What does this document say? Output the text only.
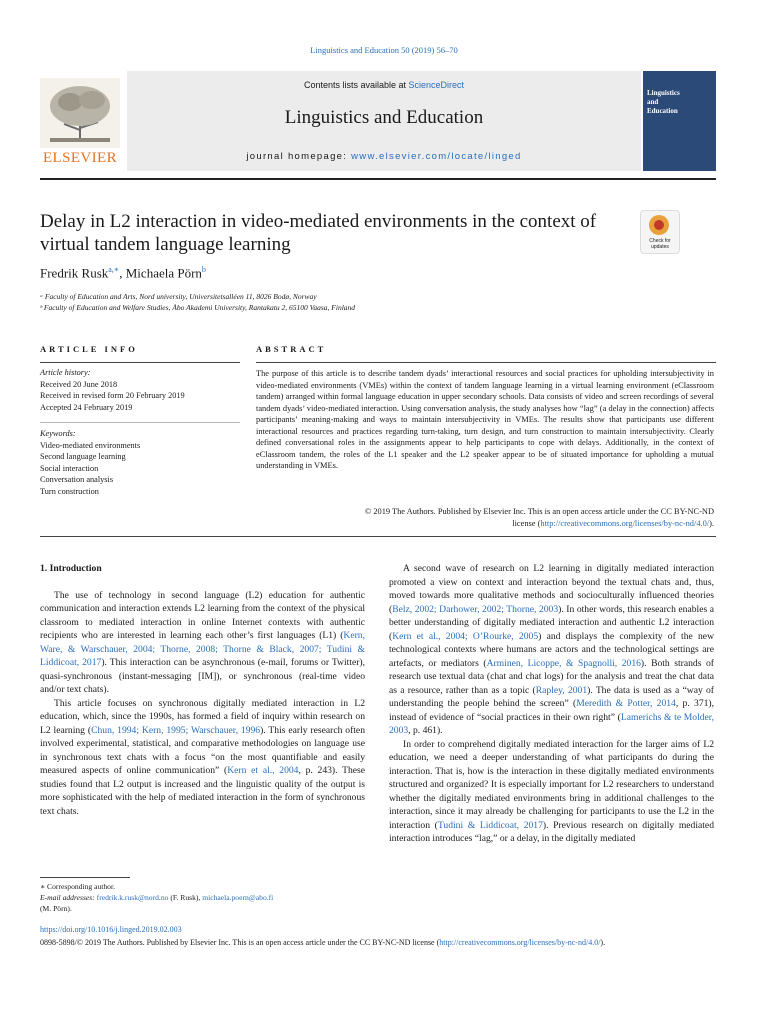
Linguistics and Education 50 (2019) 56–70
Contents lists available at ScienceDirect
Linguistics and Education
journal homepage: www.elsevier.com/locate/linged
ELSEVIER
Linguistics
and
Education
Delay in L2 interaction in video-mediated environments in the context of virtual tandem language learning	Check for updates
Fredrik Rusk$^{a,∗}$, Michaela Pörn$^b$
ᵃ Faculty of Education and Arts, Nord university, Universitetsalléen 11, 8026 Bodø, Norway
ᵇ Faculty of Education and Welfare Studies, Åbo Akademi University, Rantakatu 2, 65100 Vaasa, Finland
ARTICLE INFO	ABSTRACT
Article history:
Received 20 June 2018
Received in revised form 20 February 2019
Accepted 24 February 2019
Keywords:
Video-mediated environments
Second language learning
Social interaction
Conversation analysis
Turn construction
The purpose of this article is to describe tandem dyads’ interactional resources and social practices for upholding intersubjectivity in video-mediated environments (VMEs) within the context of tandem language learning in a virtual learning environment (eClassroom tandem) arranged within formal language education in upper secondary schools. Data consists of video and screen recordings of several tandem dyads’ video-mediated interaction. Using conversation analysis, the study analyses how “lag” (a delay in the connection) affects participants’ meaning-making and ways to maintain intersubjectivity in VMEs. The results show that participants use different interactional resources and practices regarding turn-taking, turn design, and turn construction to maintain intersubjectivity. Clearly defined conversational roles in the assignments appear to help participants to cope with delays. Additionally, in the context of eClassroom tandem, the roles of the L1 speaker and the L2 speaker appear to be of situated importance for upholding a mutual understanding in VMEs.
© 2019 The Authors. Published by Elsevier Inc. This is an open access article under the CC BY-NC-ND
license (http://creativecommons.org/licenses/by-nc-nd/4.0/).
1. Introduction

The use of technology in second language (L2) education for authentic communication and interaction extends L2 learning from the context of the physical classroom to mediated interaction in online Internet contexts with authentic recipients who are interested in learning each other’s first languages (L1) (Kern, Ware, & Warschauer, 2004; Thorne, 2008; Thorne & Black, 2007; Tudini & Liddicoat, 2017). This interaction can be asynchronous (e-mail, forums or Twitter), quasi-synchronous (instant-messaging [IM]), or synchronous (real-time video and/or text chats).

This article focuses on synchronous digitally mediated interaction in L2 education, which, since the 1990s, has formed a field of inquiry within research on L2 learning (Chun, 1994; Kern, 1995; Warschauer, 1996). This early research often involved experimental, statistical, and comparative methodologies on language use in synchronous text chats with a focus “on the most quantifiable and easily measured aspects of online communication” (Kern et al., 2004, p. 243). These studies found that L2 output is increased and the linguistic quality of the output is more sophisticated with the help of mediated interaction in the form of synchronous text chats.

A second wave of research on L2 learning in digitally mediated interaction promoted a view on context and interaction beyond the textual chats and, thus, moved towards more qualitative methods and socioculturally influenced theories (Belz, 2002; Darhower, 2002; Thorne, 2003). In other words, this research enables a better understanding of digitally mediated interaction and authentic L2 interaction (Kern et al., 2004; O’Rourke, 2005) and displays the complexity of the new technological contexts where humans are actors and the technological settings are artefacts, or mediators (Arminen, Licoppe, & Spagnolli, 2016). Both strands of research use textual data (chat and chat logs) for the analysis and treat the chat data as a resource, rather than as a topic (Rapley, 2001). The data is used as a “way of understanding the people behind the screen” (Meredith & Potter, 2014, p. 371), instead of evidence of “social practices in their own right” (Lamerichs & te Molder, 2003, p. 461).

In order to comprehend digitally mediated interaction for the larger aims of L2 education, we need a deeper understanding of what participants do during the interaction. That is, how is the interaction in these digitally mediated environments structured and organized? It is especially important for L2 researchers to understand whether the digitally mediated environments bring in additional challenges to the interaction, since it may already be challenging for participants to use the L2 in the interaction (Tudini & Liddicoat, 2017). Previous research on digitally mediated interaction introduces “lag,” or a delay, in the digitally mediated

∗ Corresponding author.
E-mail addresses: fredrik.k.rusk@nord.no (F. Rusk), michaela.poern@abo.fi
(M. Pörn).
https://doi.org/10.1016/j.linged.2019.02.003
0898-5898/© 2019 The Authors. Published by Elsevier Inc. This is an open access article under the CC BY-NC-ND license (http://creativecommons.org/licenses/by-nc-nd/4.0/).
